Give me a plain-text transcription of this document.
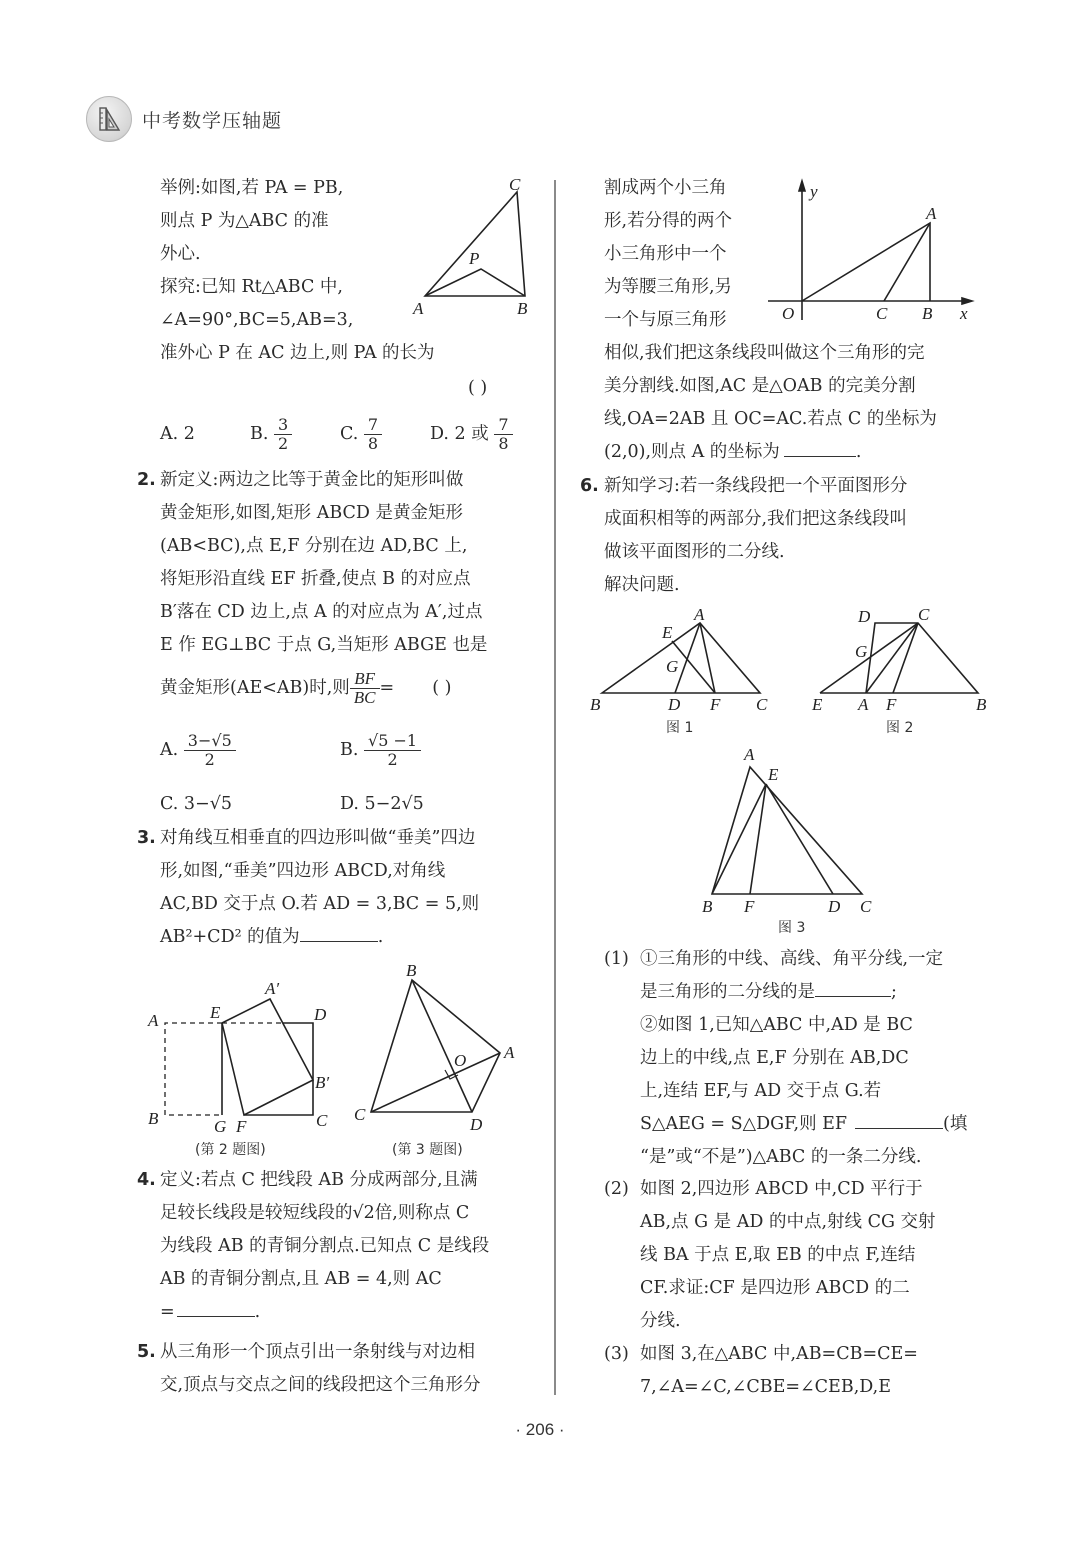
中考数学压轴题
举例:如图,若 PA = PB,
则点 P 为△ABC 的准
外心.
探究:已知 Rt△ABC 中,
∠A=90°,BC=5,AB=3,
准外心 P 在 AC 边上,则 PA 的长为
C
P
A	B
( )
A. 2	B. $\frac{3}{2}$	C. $\frac{7}{8}$	D. 2 或 $\frac{7}{8}$
2. 新定义:两边之比等于黄金比的矩形叫做
黄金矩形,如图,矩形 ABCD 是黄金矩形
(AB<BC),点 E,F 分别在边 AD,BC 上,
将矩形沿直线 EF 折叠,使点 B 的对应点
B′落在 CD 边上,点 A 的对应点为 A′,过点
E 作 EG⊥BC 于点 G,当矩形 ABGE 也是
黄金矩形(AE<AB)时,则 $\frac{BF}{BC}$ = ( )
A. $\frac{3-√5}{2}$	B. $\frac{√5 -1}{2}$
C. 3−√5	D. 5−2√5
3. 对角线互相垂直的四边形叫做“垂美”四边
形,如图,“垂美”四边形 ABCD,对角线
AC,BD 交于点 O.若 AD = 3,BC = 5,则
AB²+CD² 的值为	.
A	E
A′
D
B′
B	G F	C
(第 2 题图)
B
A
O
C
D
(第 3 题图)
4. 定义:若点 C 把线段 AB 分成两部分,且满
足较长线段是较短线段的√2倍,则称点 C
为线段 AB 的青铜分割点.已知点 C 是线段
AB 的青铜分割点,且 AB = 4,则 AC
=	.
5. 从三角形一个顶点引出一条射线与对边相
交,顶点与交点之间的线段把这个三角形分
割成两个小三角
形,若分得的两个
小三角形中一个
为等腰三角形,另
一个与原三角形
相似,我们把这条线段叫做这个三角形的完
美分割线.如图,AC 是△OAB 的完美分割
线,OA=2AB 且 OC=AC.若点 C 的坐标为
(2,0),则点 A 的坐标为	.
y
x
O
A
C B
6. 新知学习:若一条线段把一个平面图形分
成面积相等的两部分,我们把这条线段叫
做该平面图形的二分线.
解决问题.
A
E
G
B	D F C
图 1
D	C
G
E A F	B
图 2
A
E
B F	D C
图 3
(1) ①三角形的中线、高线、角平分线,一定
是三角形的二分线的是	;
②如图 1,已知△ABC 中,AD 是 BC
边上的中线,点 E,F 分别在 AB,DC
上,连结 EF,与 AD 交于点 G.若
S△AEG = S△DGF,则 EF	(填
“是”或“不是”)△ABC 的一条二分线.
(2) 如图 2,四边形 ABCD 中,CD 平行于
AB,点 G 是 AD 的中点,射线 CG 交射
线 BA 于点 E,取 EB 的中点 F,连结
CF.求证:CF 是四边形 ABCD 的二
分线.
(3) 如图 3,在△ABC 中,AB=CB=CE=
7,∠A=∠C,∠CBE=∠CEB,D,E
· 206 ·
